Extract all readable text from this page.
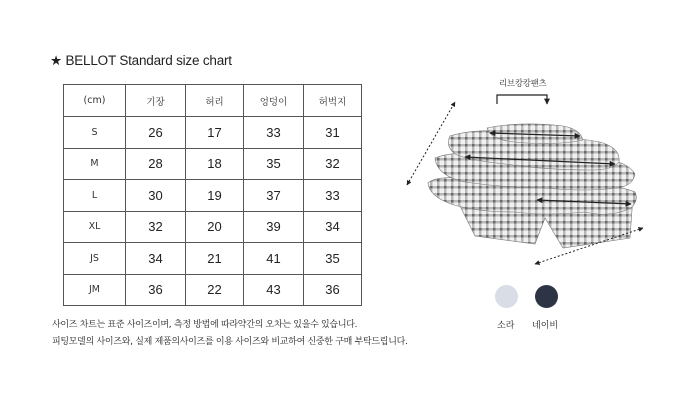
★ BELLOT Standard size chart
(cm)	기장	허리	엉덩이	허벅지
S	26	17	33	31
M	28	18	35	32
L	30	19	37	33
XL	32	20	39	34
JS	34	21	41	35
JM	36	22	43	36
사이즈 차트는 표준 사이즈이며, 측정 방법에 따라약간의 오차는 있을수 있습니다.
피팅모델의 사이즈와, 실제 제품의사이즈를 이용 사이즈와 비교하여 신중한 구매 부탁드립니다.
리브캉캉팬츠
소라 네이비
